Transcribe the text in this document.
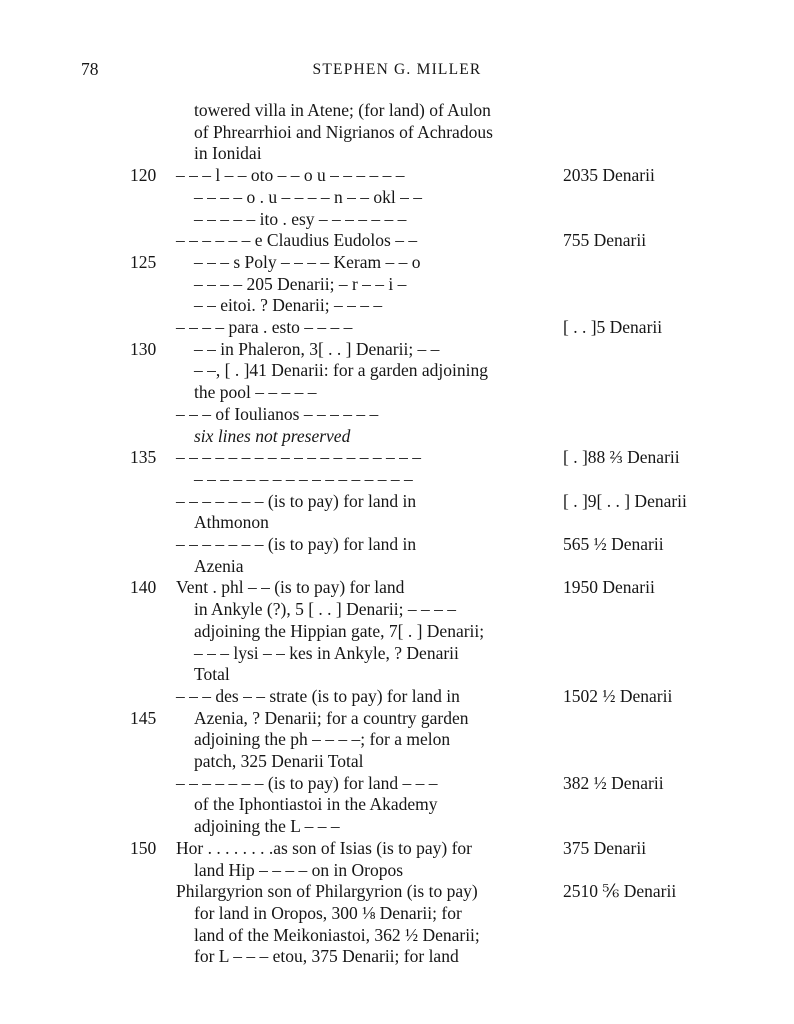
78	STEPHEN G. MILLER
towered villa in Atene; (for land) of Aulon
of Phrearrhioi and Nigrianos of Achradous
in Ionidai
120 – – – l – – oto – – o u – – – – – –	2035 Denarii
– – – – o . u – – – – n – – okl – –
– – – – – ito . esy – – – – – – –
– – – – – – e Claudius Eudolos – –	755 Denarii
125 – – – s Poly – – – – Keram – – o
– – – – 205 Denarii; – r – – i –
– – eitoi. ? Denarii; – – – –
– – – – para . esto – – – –	[ . . ]5 Denarii
130 – – in Phaleron, 3[ . . ] Denarii; – –
– –, [ . ]41 Denarii: for a garden adjoining
the pool – – – – –
– – – of Ioulianos – – – – – –
six lines not preserved
135 – – – – – – – – – – – – – – – – – – –	[ . ]88 ⅔ Denarii
– – – – – – – – – – – – – – – – –
– – – – – – – (is to pay) for land in	[ . ]9[ . . ] Denarii
Athmonon
– – – – – – – (is to pay) for land in	565 ½ Denarii
Azenia
140 Vent . phl – – (is to pay) for land	1950 Denarii
in Ankyle (?), 5 [ . . ] Denarii; – – – –
adjoining the Hippian gate, 7[ . ] Denarii;
– – – lysi – – kes in Ankyle, ? Denarii
Total
– – – des – – strate (is to pay) for land in	1502 ½ Denarii
145 Azenia, ? Denarii; for a country garden
adjoining the ph – – – –; for a melon
patch, 325 Denarii Total
– – – – – – – (is to pay) for land – – –	382 ½ Denarii
of the Iphontiastoi in the Akademy
adjoining the L – – –
150 Hor . . . . . . . .as son of Isias (is to pay) for	375 Denarii
land Hip – – – – on in Oropos
Philargyrion son of Philargyrion (is to pay)	2510 ⅚ Denarii
for land in Oropos, 300 ⅛ Denarii; for
land of the Meikoniastoi, 362 ½ Denarii;
for L – – – etou, 375 Denarii; for land
